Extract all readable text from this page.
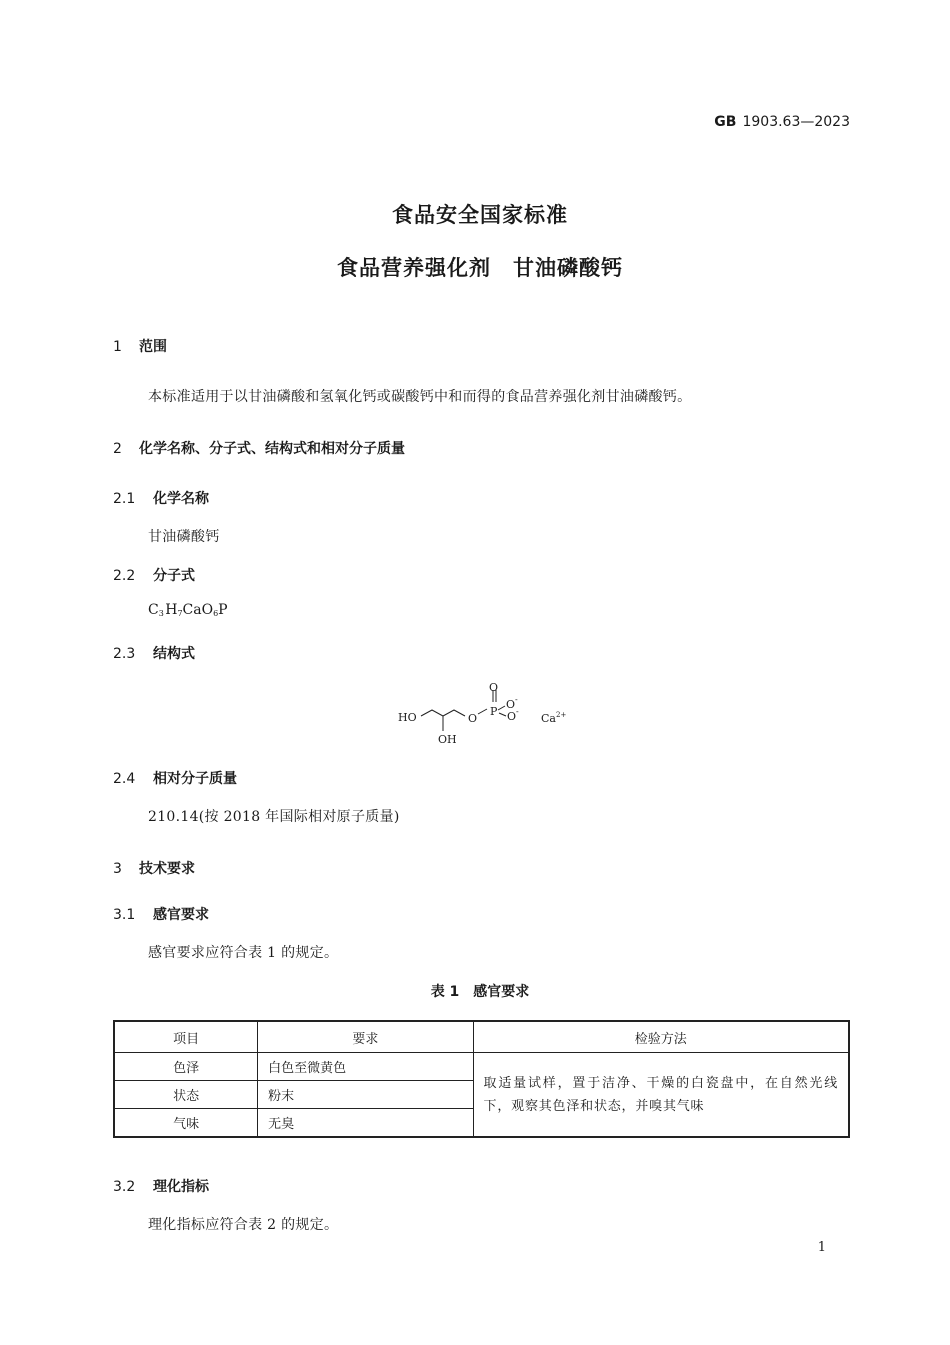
GB 1903.63—2023
食品安全国家标准
食品营养强化剂　甘油磷酸钙
1 范围
本标准适用于以甘油磷酸和氢氧化钙或碳酸钙中和而得的食品营养强化剂甘油磷酸钙。
2 化学名称、分子式、结构式和相对分子质量
2.1 化学名称
甘油磷酸钙
2.2 分子式
$C_3$ $H_7CaO_6P$
2.3 结构式
HO
OH
O
P
O
O -
O -
Ca 2+
2.4 相对分子质量
210.14(按 2018 年国际相对原子质量)
3 技术要求
3.1 感官要求
感官要求应符合表 1 的规定。
表 1　感官要求
项目	要求	检验方法
色泽	白色至微黄色	取适量试样，置于洁净、干燥的白瓷盘中，在自然光线下，观察其色泽和状态，并嗅其气味
状态	粉末	
气味	无臭	
3.2 理化指标
理化指标应符合表 2 的规定。
1
